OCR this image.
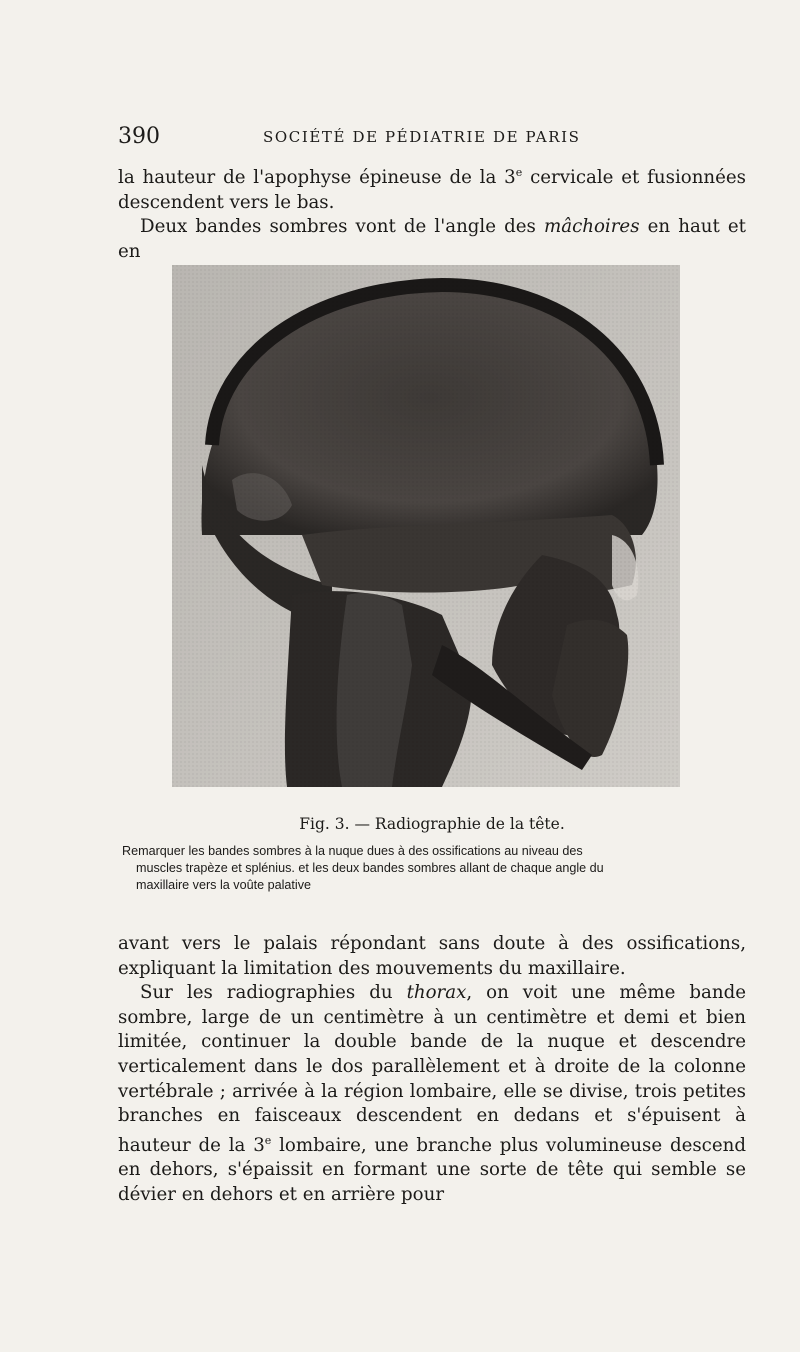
390	SOCIÉTÉ DE PÉDIATRIE DE PARIS

la hauteur de l'apophyse épineuse de la 3e cervicale et fusionnées descendent vers le bas.

Deux bandes sombres vont de l'angle des mâchoires en haut et en

Fig. 3. — Radiographie de la tête.

Remarquer les bandes sombres à la nuque dues à des ossifications au niveau des

muscles trapèze et splénius. et les deux bandes sombres allant de chaque angle du

maxillaire vers la voûte palative

avant vers le palais répondant sans doute à des ossifications, expliquant la limitation des mouvements du maxillaire.

Sur les radiographies du thorax, on voit une même bande sombre, large de un centimètre à un centimètre et demi et bien limitée, continuer la double bande de la nuque et descendre verticalement dans le dos parallèlement et à droite de la colonne vertébrale ; arrivée à la région lombaire, elle se divise, trois petites branches en faisceaux descendent en dedans et s'épuisent à hauteur de la 3e lombaire, une branche plus volumineuse descend en dehors, s'épaissit en formant une sorte de tête qui semble se dévier en dehors et en arrière pour
